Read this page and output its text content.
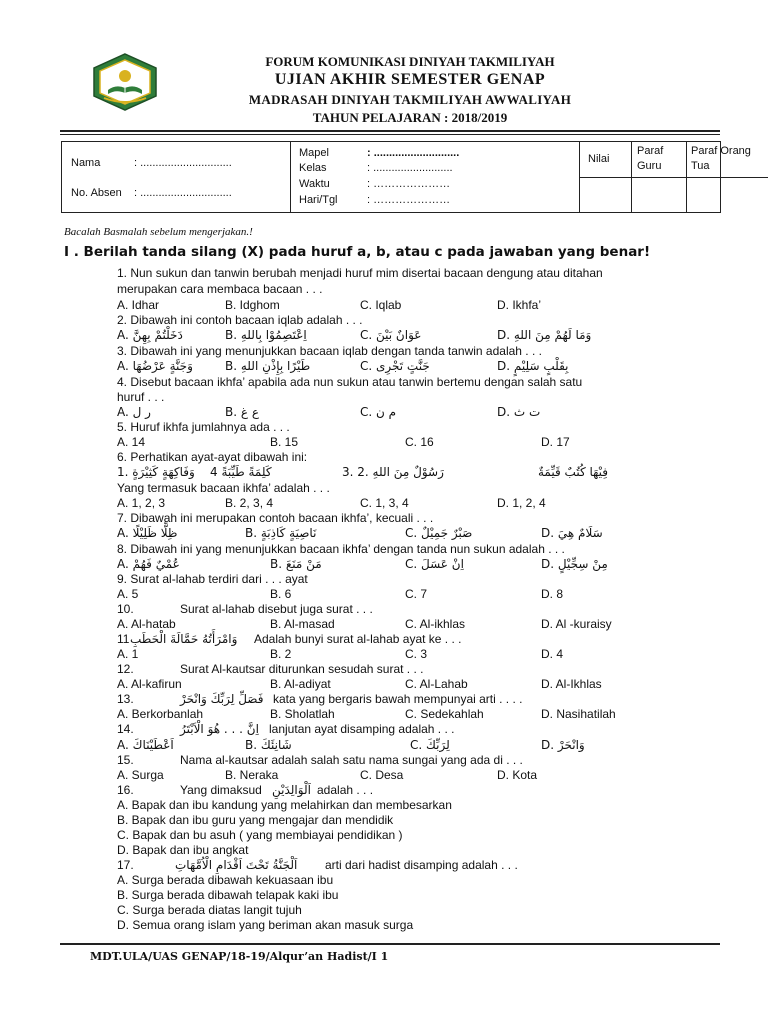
FORUM KOMUNIKASI DINIYAH TAKMILIYAH
UJIAN AKHIR SEMESTER GENAP
MADRASAH DINIYAH TAKMILIYAH AWWALIYAH
TAHUN PELAJARAN : 2018/2019
Nama	: ..............................
No. Absen : ..............................
Mapel	: ............................
Kelas	: ..........................
Waktu	: …………………
Hari/Tgl	: …………………
Nilai
Paraf
Guru
Paraf Orang
Tua
Bacalah Basmalah sebelum mengerjakan.!
I . Berilah tanda silang (X) pada huruf a, b, atau c pada jawaban yang benar!
1. Nun sukun dan tanwin berubah menjadi huruf mim disertai bacaan dengung atau ditahan
merupakan cara membaca bacaan . . .
A. Idhar	B. Idghom	C. Iqlab	D. Ikhfa’
2. Dibawah ini contoh bacaan iqlab adalah . . .
A. دَخَلْتُمْ بِهِنَّ	B. اِعْتَصِمُوْا بِاللهِ	C. عَوَانٌ بَيْنَ	D. وَمَا لَهُمْ مِنَ اللهِ
3. Dibawah ini yang menunjukkan bacaan iqlab dengan tanda tanwin adalah . . .
A. وَجَنَّةٍ عَرْضُهَا	B. طَيْرًا بِإِذْنِ اللهِ	C. جَنَّتٍ تَجْرِى	D. بِقَلْبٍ سَلِيْمٍ
4. Disebut bacaan ikhfa’ apabila ada nun sukun atau tanwin bertemu dengan salah satu
huruf . . .
A. ر ل	B. ع غ	C. م ن	D. ت ث
5. Huruf ikhfa jumlahnya ada . . .
A. 14	B. 15	C. 16	D. 17
6. Perhatikan ayat-ayat dibawah ini:
1. وَفَاكِهَةٍ كَثِيْرَةٍ 4 كَلِمَةً طَيِّبَةً	3. رَسُوْلٌ مِنَ اللهِ .2	فِيْهَا كُتُبٌ قَيِّمَةٌ
Yang termasuk bacaan ikhfa’ adalah . . .
A. 1, 2, 3	B. 2, 3, 4	C. 1, 3, 4	D. 1, 2, 4
7. Dibawah ini merupakan contoh bacaan ikhfa’, kecuali . . .
A. ظِلًّا ظَلِيْلًا	B. نَاصِيَةٍ كَاذِبَةٍ	C. صَبْرٌ جَمِيْلٌ	D. سَلَامٌ هِيَ
8. Dibawah ini yang menunjukkan bacaan ikhfa’ dengan tanda nun sukun adalah . . .
A. عُمْيٌ فَهُمْ	B. مَنْ مَنَعَ	C. اِنْ عَسَلَ	D. مِنْ سِجِّيْلٍ
9. Surat al-lahab terdiri dari . . . ayat
A. 5	B. 6	C. 7	D. 8
10.	Surat al-lahab disebut juga surat . . .
A. Al-hatab	B. Al-masad	C. Al-ikhlas	D. Al -kuraisy
11 وَامْرَأَتُهُ حَمَّالَةَ الْحَطَبِ Adalah bunyi surat al-lahab ayat ke . . .
A. 1	B. 2	C. 3	D. 4
12.	Surat Al-kautsar diturunkan sesudah surat . . .
A. Al-kafirun	B. Al-adiyat	C. Al-Lahab	D. Al-Ikhlas
13.	فَصَلِّ لِرَبِّكَ وَانْحَرْ kata yang bergaris bawah mempunyai arti . . . .
A. Berkorbanlah	B. Sholatlah	C. Sedekahlah	D. Nasihatilah
14.	اِنَّ . . . هُوَ الْاَبْتَرُ lanjutan ayat disamping adalah . . .
A. اَعْطَيْنَاكَ	B. شَانِئَكَ	C. لِرَبِّكَ	D. وَانْحَرْ
15.	Nama al-kautsar adalah salah satu nama sungai yang ada di . . .
A. Surga	B. Neraka	C. Desa	D. Kota
16.	Yang dimaksud اَلْوَالِدَيْنِ adalah . . .
A. Bapak dan ibu kandung yang melahirkan dan membesarkan
B. Bapak dan ibu guru yang mengajar dan mendidik
C. Bapak dan bu asuh ( yang membiayai pendidikan )
D. Bapak dan ibu angkat
17.	اَلْجَنَّةُ تَحْتَ اَقْدَامِ الْاُمَّهَاتِ arti dari hadist disamping adalah . . .
A. Surga berada dibawah kekuasaan ibu
B. Surga berada dibawah telapak kaki ibu
C. Surga berada diatas langit tujuh
D. Semua orang islam yang beriman akan masuk surga
MDT.ULA/UAS GENAP/18-19/Alqur’an Hadist/I 1
